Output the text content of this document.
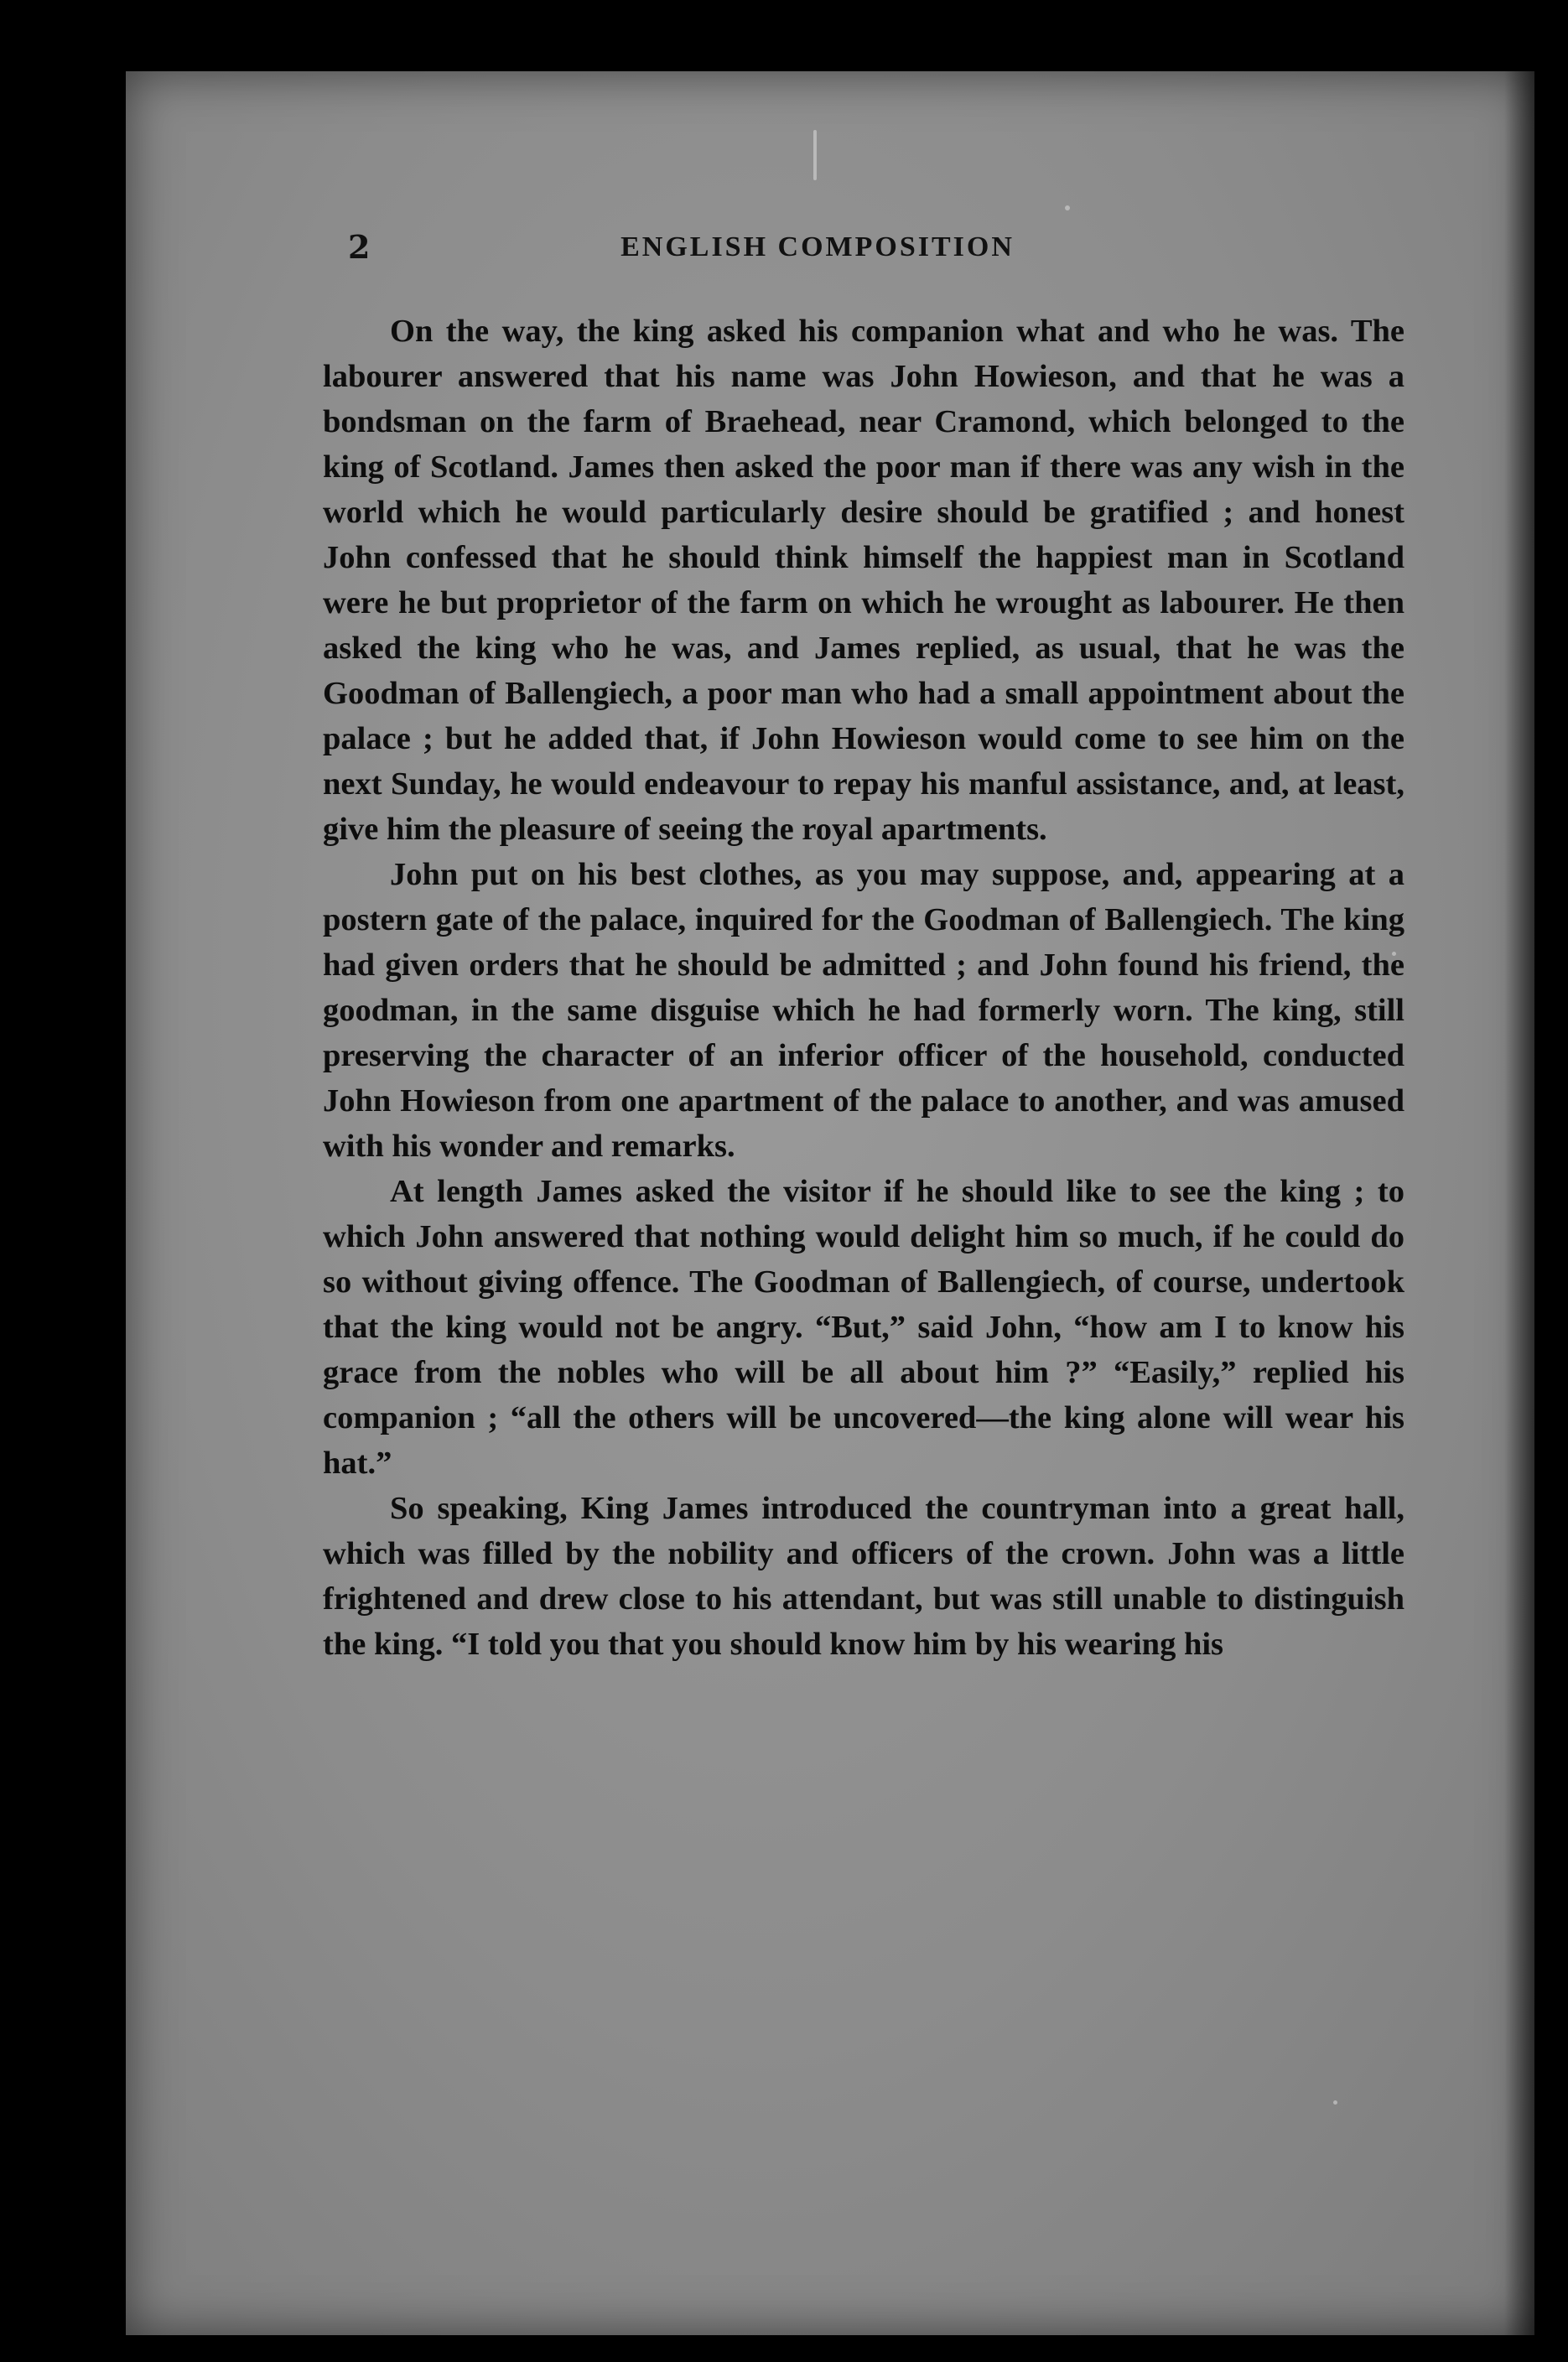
2	ENGLISH COMPOSITION

On the way, the king asked his companion what and who he was. The labourer answered that his name was John Howieson, and that he was a bondsman on the farm of Braehead, near Cramond, which belonged to the king of Scotland. James then asked the poor man if there was any wish in the world which he would particularly desire should be gratified ; and honest John confessed that he should think himself the happiest man in Scotland were he but proprietor of the farm on which he wrought as labourer. He then asked the king who he was, and James replied, as usual, that he was the Goodman of Ballengiech, a poor man who had a small appointment about the palace ; but he added that, if John Howieson would come to see him on the next Sunday, he would endeavour to repay his manful assistance, and, at least, give him the pleasure of seeing the royal apartments.

John put on his best clothes, as you may suppose, and, appearing at a postern gate of the palace, inquired for the Goodman of Ballengiech. The king had given orders that he should be admitted ; and John found his friend, the goodman, in the same disguise which he had formerly worn. The king, still preserving the character of an inferior officer of the household, conducted John Howieson from one apartment of the palace to another, and was amused with his wonder and remarks.

At length James asked the visitor if he should like to see the king ; to which John answered that nothing would delight him so much, if he could do so without giving offence. The Goodman of Ballengiech, of course, undertook that the king would not be angry. “But,” said John, “how am I to know his grace from the nobles who will be all about him ?” “Easily,” replied his companion ; “all the others will be uncovered—the king alone will wear his hat.”

So speaking, King James introduced the countryman into a great hall, which was filled by the nobility and officers of the crown. John was a little frightened and drew close to his attendant, but was still unable to distinguish the king. “I told you that you should know him by his wearing his
